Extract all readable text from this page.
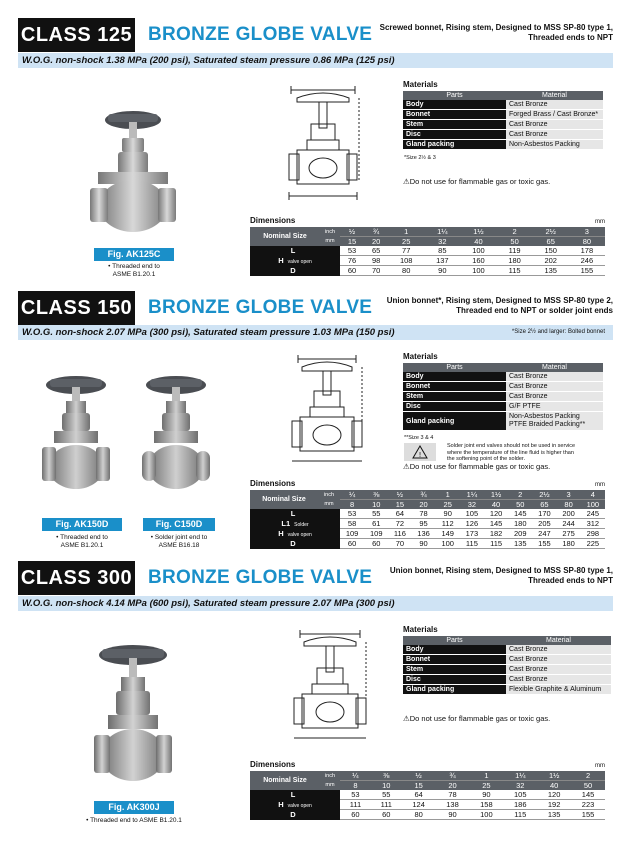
CLASS 125 BRONZE GLOBE VALVE Screwed bonnet, Rising stem, Designed to MSS SP-80 type 1,
Threaded ends to NPT
W.O.G. non-shock 1.38 MPa (200 psi), Saturated steam pressure 0.86 MPa (125 psi)
Fig. AK125C
• Threaded end to
ASME B1.20.1
Materials
Parts	Material
Body	Cast Bronze
Bonnet	Forged Brass / Cast Bronze*
Stem	Cast Bronze
Disc	Cast Bronze
Gland packing	Non-Asbestos Packing
*Size 2½ & 3
⚠Do not use for flammable gas or toxic gas.
Dimensions	mm
Nominal Size	inch	½	¾	1	1¼	1½	2	2½	3
	mm	15	20	25	32	40	50	65	80
L		53	65	77	85	100	119	150	178
H valve open		76	98	108	137	160	180	202	246
D		60	70	80	90	100	115	135	155
CLASS 150 BRONZE GLOBE VALVE Union bonnet*, Rising stem, Designed to MSS SP-80 type 2,
Threaded end to NPT or solder joint ends
W.O.G. non-shock 2.07 MPa (300 psi), Saturated steam pressure 1.03 MPa (150 psi)	*Size 2½ and larger: Bolted bonnet
Fig. AK150D
• Threaded end to
ASME B1.20.1
Fig. C150D
• Solder joint end to
ASME B16.18
Materials
Parts	Material
Body	Cast Bronze
Bonnet	Cast Bronze
Stem	Cast Bronze
Disc	G/F PTFE
Gland packing	Non-Asbestos Packing
PTFE Braided Packing**
**Size 3 & 4
!
Solder joint end valves should not be used in service
where the temperature of the line fluid is higher than
the softening point of the solder.
⚠Do not use for flammable gas or toxic gas.
Dimensions	mm
Nominal Size	inch	¼	⅜	½	¾	1	1¼	1½	2	2½	3	4
	mm	8	10	15	20	25	32	40	50	65	80	100
L		53	55	64	78	90	105	120	145	170	200	245
L1 Solder		58	61	72	95	112	126	145	180	205	244	312
H valve open		109	109	116	136	149	173	182	209	247	275	298
D		60	60	70	90	100	115	115	135	155	180	225
CLASS 300 BRONZE GLOBE VALVE Union bonnet, Rising stem, Designed to MSS SP-80 type 1,
Threaded ends to NPT
W.O.G. non-shock 4.14 MPa (600 psi), Saturated steam pressure 2.07 MPa (300 psi)
Fig. AK300J
• Threaded end to ASME B1.20.1
Materials
Parts	Material
Body	Cast Bronze
Bonnet	Cast Bronze
Stem	Cast Bronze
Disc	Cast Bronze
Gland packing	Flexible Graphite & Aluminum
⚠Do not use for flammable gas or toxic gas.
Dimensions	mm
Nominal Size	inch	¼	⅜	½	¾	1	1¼	1½	2
	mm	8	10	15	20	25	32	40	50
L		53	55	64	78	90	105	120	145
H valve open		111	111	124	138	158	186	192	223
D		60	60	80	90	100	115	135	155
